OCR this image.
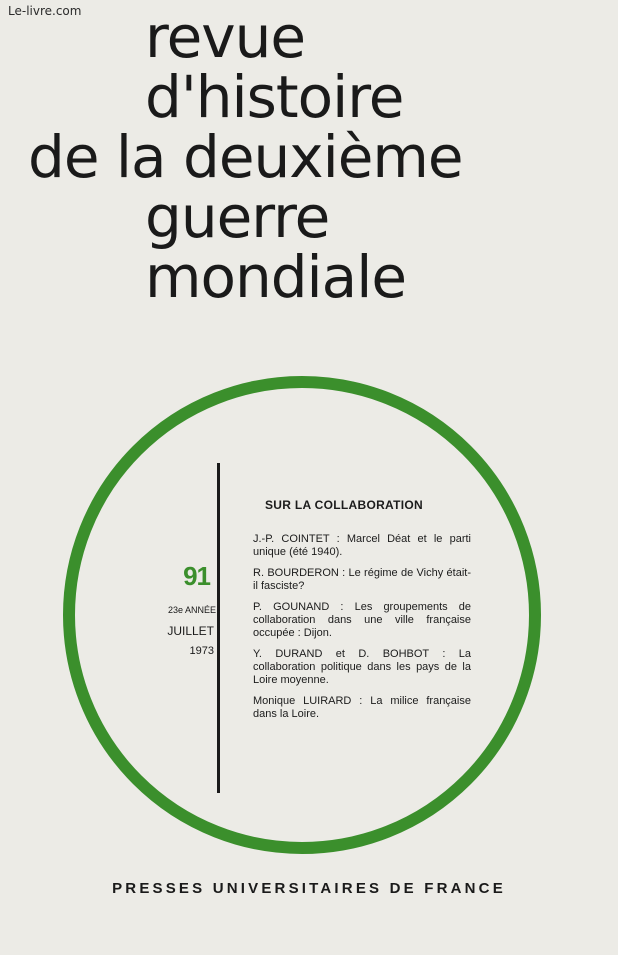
Le-livre.com revue
d'histoire
de la deuxième
guerre
mondiale
91
23e ANNÉE
JUILLET
1973
SUR LA COLLABORATION
J.-P. COINTET : Marcel Déat et le parti unique (été 1940).
R. BOURDERON : Le régime de Vichy était-il fasciste?
P. GOUNAND : Les groupements de collaboration dans une ville française occupée : Dijon.
Y. DURAND et D. BOHBOT : La collaboration politique dans les pays de la Loire moyenne.
Monique LUIRARD : La milice française dans la Loire.
PRESSES UNIVERSITAIRES DE FRANCE
